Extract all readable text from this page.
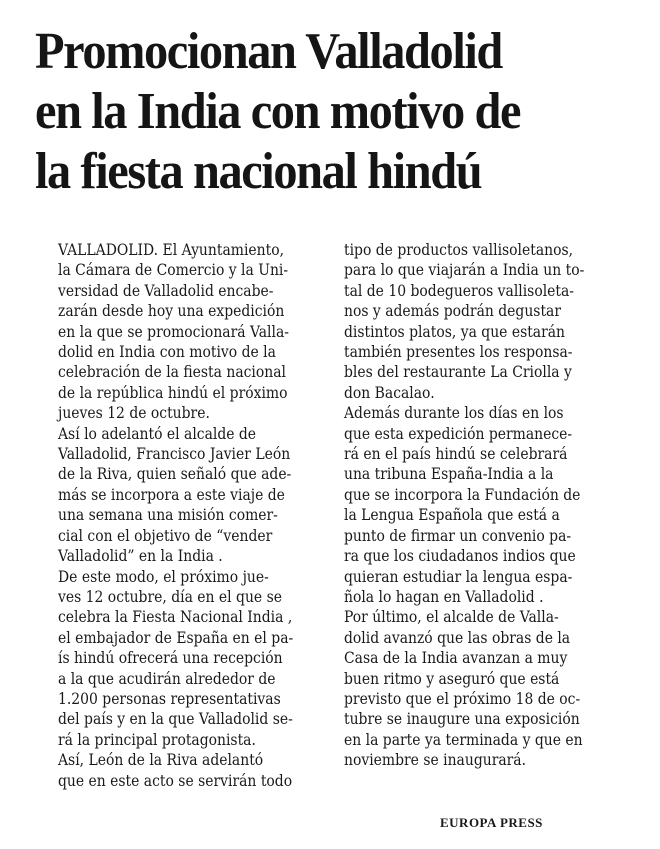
Promocionan Valladolid
en la India con motivo de
la fiesta nacional hindú
VALLADOLID. El Ayuntamiento,
la Cámara de Comercio y la Uni-
versidad de Valladolid encabe-
zarán desde hoy una expedición
en la que se promocionará Valla-
dolid en India con motivo de la
celebración de la fiesta nacional
de la república hindú el próximo
jueves 12 de octubre.
Así lo adelantó el alcalde de
Valladolid, Francisco Javier León
de la Riva, quien señaló que ade-
más se incorpora a este viaje de
una semana una misión comer-
cial con el objetivo de “vender
Valladolid” en la India .
De este modo, el próximo jue-
ves 12 octubre, día en el que se
celebra la Fiesta Nacional India ,
el embajador de España en el pa-
ís hindú ofrecerá una recepción
a la que acudirán alrededor de
1.200 personas representativas
del país y en la que Valladolid se-
rá la principal protagonista.
Así, León de la Riva adelantó
que en este acto se servirán todo
tipo de productos vallisoletanos,
para lo que viajarán a India un to-
tal de 10 bodegueros vallisoleta-
nos y además podrán degustar
distintos platos, ya que estarán
también presentes los responsa-
bles del restaurante La Criolla y
don Bacalao.
Además durante los días en los
que esta expedición permanece-
rá en el país hindú se celebrará
una tribuna España-India a la
que se incorpora la Fundación de
la Lengua Española que está a
punto de firmar un convenio pa-
ra que los ciudadanos indios que
quieran estudiar la lengua espa-
ñola lo hagan en Valladolid .
Por último, el alcalde de Valla-
dolid avanzó que las obras de la
Casa de la India avanzan a muy
buen ritmo y aseguró que está
previsto que el próximo 18 de oc-
tubre se inaugure una exposición
en la parte ya terminada y que en
noviembre se inaugurará.
EUROPA PRESS
